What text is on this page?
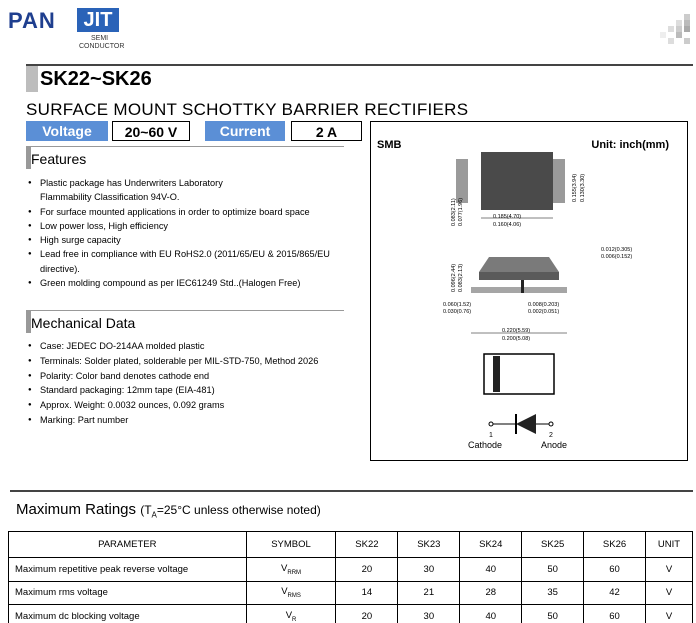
PAN	JIT
SEMI
CONDUCTOR
SK22~SK26
SURFACE MOUNT SCHOTTKY BARRIER RECTIFIERS
Voltage	20~60 V	Current	2 A
Features
● Plastic package has Underwriters Laboratory
Flammability Classification 94V-O.
● For surface mounted applications in order to optimize board space
● Low power loss, High efficiency
● High surge capacity
● Lead free in compliance with EU RoHS2.0 (2011/65/EU & 2015/865/EU
directive).
● Green molding compound as per IEC61249 Std..(Halogen Free)
Mechanical Data
● Case: JEDEC DO-214AA molded plastic
● Terminals: Solder plated, solderable per MIL-STD-750, Method 2026
● Polarity: Color band denotes cathode end
● Standard packaging: 12mm tape (EIA-481)
● Approx. Weight: 0.0032 ounces, 0.092 grams
● Marking: Part number
SMB	Unit: inch(mm)
0.185(4.70)
0.160(4.06)
0.155(3.94) 0.130(3.30)
0.083(2.11) 0.077(1.96)
0.012(0.305)
0.006(0.152)
0.096(2.44) 0.083(2.13)
0.060(1.52)
0.030(0.76)
0.008(0.203)
0.002(0.051)
0.220(5.59)
0.200(5.08)
1	2
Cathode	Anode
Maximum Ratings ($T_A=25^\circ C$ unless otherwise noted)
PARAMETER	SYMBOL	SK22	SK23	SK24	SK25	SK26	UNIT
Maximum repetitive peak reverse voltage	$V_{RRM}$	20	30	40	50	60	V
Maximum rms voltage	$V_{RMS}$	14	21	28	35	42	V
Maximum dc blocking voltage	$V_R$	20	30	40	50	60	V
